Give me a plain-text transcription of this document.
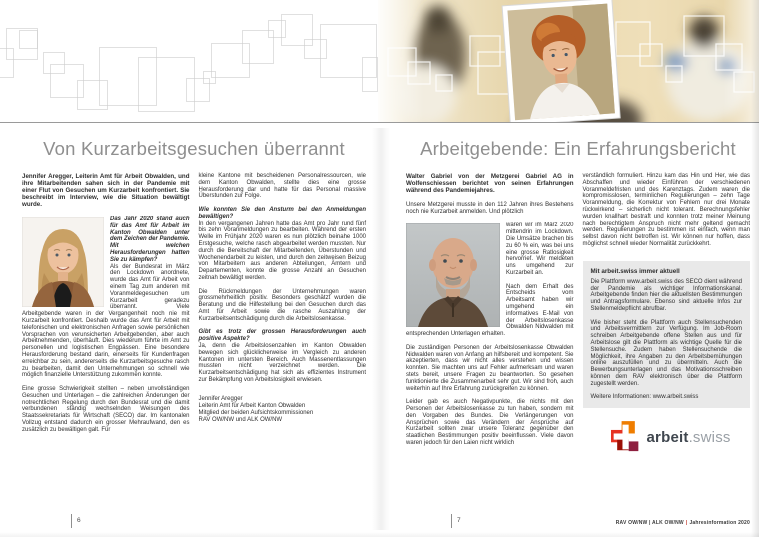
Von Kurzarbeitsgesuchen überrannt

Jennifer Aregger, Leiterin Amt für Arbeit Obwalden, und ihre Mitarbeitenden sahen sich in der Pandemie mit einer Flut von Gesuchen um Kurzarbeit konfrontiert. Sie beschreibt im Interview, wie die Situation bewältigt wurde.

Das Jahr 2020 stand auch für das Amt für Arbeit im Kanton Obwalden unter dem Zeichen der Pandemie. Mit welchen Herausforderungen hatten Sie zu kämpfen?

Als der Bundesrat im März den Lockdown anordnete, wurde das Amt für Arbeit von einem Tag zum anderen mit Voranmeldegesuchen um Kurzarbeit geradezu überrannt. Viele Arbeitgebende waren in der Vergangenheit noch nie mit Kurzarbeit konfrontiert. Deshalb wurde das Amt für Arbeit mit telefonischen und elektronischen Anfragen sowie persönlichen Vorsprachen von verunsicherten Arbeitgebenden, aber auch Arbeitnehmenden, überhäuft. Dies wiederum führte im Amt zu personellen und logistischen Engpässen. Eine besondere Herausforderung bestand darin, einerseits für Kundenfragen erreichbar zu sein, andererseits die Kurzarbeitsgesuche rasch zu bearbeiten, damit den Unternehmungen so schnell wie möglich finanzielle Unterstützung zukommen konnte.

Eine grosse Schwierigkeit stellten – neben unvollständigen Gesuchen und Unterlagen – die zahlreichen Änderungen der notrechtlichen Regelung durch den Bundesrat und die damit verbundenen ständig wechselnden Weisungen des Staatssekretariats für Wirtschaft (SECO) dar. Im kantonalen Vollzug entstand dadurch ein grosser Mehraufwand, den es zusätzlich zu bewältigen galt. Für

kleine Kantone mit bescheidenen Personalressourcen, wie dem Kanton Obwalden, stellte dies eine grosse Herausforderung dar und hatte für das Personal massive Überstunden zur Folge.

Wie konnten Sie den Ansturm bei den Anmeldungen bewältigen?

In den vergangenen Jahren hatte das Amt pro Jahr rund fünf bis zehn Voranmeldungen zu bearbeiten. Während der ersten Welle im Frühjahr 2020 waren es nun plötzlich beinahe 1000 Erstgesuche, welche rasch abgearbeitet werden mussten. Nur durch die Bereitschaft der Mitarbeitenden, Überstunden und Wochenendarbeit zu leisten, und durch den zeitweisen Beizug von Mitarbeitern aus anderen Abteilungen, Ämtern und Departementen, konnte die grosse Anzahl an Gesuchen zeitnah bewältigt werden.

Die Rückmeldungen der Unternehmungen waren grossmehrheitlich positiv. Besonders geschätzt wurden die Beratung und die Hilfestellung bei den Gesuchen durch das Amt für Arbeit sowie die rasche Auszahlung der Kurzarbeitsentschädigung durch die Arbeitslosenkasse.

Gibt es trotz der grossen Herausforderungen auch positive Aspekte?

Ja, denn die Arbeitslosenzahlen im Kanton Obwalden bewegen sich glücklicherweise im Vergleich zu anderen Kantonen im untersten Bereich. Auch Massenentlassungen mussten nicht verzeichnet werden. Die Kurzarbeitsentschädigung hat sich als effizientes Instrument zur Bekämpfung von Arbeitslosigkeit erwiesen.

Jennifer Aregger
Leiterin Amt für Arbeit Kanton Obwalden
Mitglied der beiden Aufsichtskommissionen
RAV OW/NW und ALK OW/NW
Arbeitgebende: Ein Erfahrungsbericht

Walter Gabriel von der Metzgerei Gabriel AG in Wolfenschiessen berichtet von seinen Erfahrungen während des Pandemiejahres.

Unsere Metzgerei musste in den 112 Jahren ihres Bestehens noch nie Kurzarbeit anmelden. Und plötzlich

waren wir im März 2020 mittendrin im Lockdown. Die Umsätze brachen bis zu 60 % ein, was bei uns eine grosse Ratlosigkeit hervorrief. Wir meldeten uns umgehend zur Kurzarbeit an.

Nach dem Erhalt des Entscheids vom Arbeitsamt haben wir umgehend ein informatives E-Mail von der Arbeitslosenkasse Obwalden Nidwalden mit entsprechenden Unterlagen erhalten.

Die zuständigen Personen der Arbeitslosenkasse Obwalden Nidwalden waren von Anfang an hilfsbereit und kompetent. Sie akzeptierten, dass wir nicht alles verstehen und wissen konnten. Sie machten uns auf Fehler aufmerksam und waren stets bereit, unsere Fragen zu beantworten. So gesehen funktionierte die Zusammenarbeit sehr gut. Wir sind froh, auch weiterhin auf Ihre Erfahrung zurückgreifen zu können.

Leider gab es auch Negativpunkte, die nichts mit den Personen der Arbeitslosenkasse zu tun haben, sondern mit den Vorgaben des Bundes. Die Verlängerungen von Ansprüchen sowie das Verändern der Ansprüche auf Kurzarbeit sollten zwar unsere Toleranz gegenüber den staatlichen Bestimmungen positiv beeinflussen. Viele davon waren jedoch für den Laien nicht wirklich

verständlich formuliert. Hinzu kam das Hin und Her, wie das Abschaffen und wieder Einführen der verschiedenen Voranmeldefristen und des Karenztags. Zudem waren die kompromisslosen, terminlichen Regulierungen – zehn Tage Voranmeldung, die Korrektur von Fehlern nur drei Monate rückwirkend – sicherlich nicht tolerant. Berechnungsfehler wurden knallhart bestraft und konnten trotz meiner Meinung nach berechtigtem Anspruch nicht mehr geltend gemacht werden. Regulierungen zu bestimmen ist einfach, wenn man selbst davon nicht betroffen ist. Wir können nur hoffen, dass möglichst schnell wieder Normalität zurückkehrt.

Mit arbeit.swiss immer aktuell

Die Plattform www.arbeit.swiss des SECO dient während der Pandemie als wichtiger Informationskanal. Arbeitgebende finden hier die aktuellsten Bestimmungen und Antragsformulare. Ebenso sind aktuelle Infos zur Stellenmeldepflicht abrufbar.

Wie bisher steht die Plattform auch Stellensuchenden und Arbeitsvermittlern zur Verfügung. Im Job-Room schreiben Arbeitgebende offene Stellen aus und für Arbeitslose gilt die Plattform als wichtige Quelle für die Stellensuche. Zudem haben Stellensuchende die Möglichkeit, ihre Angaben zu den Arbeitsbemühungen online auszufüllen und zu übermitteln. Auch die Bewerbungsunterlagen und das Motivationsschreiben können dem RAV elektronisch über die Plattform zugestellt werden.

Weitere Informationen: www.arbeit.swiss

arbeit.swiss
6	7	RAV OW/NW | ALK OW/NW | Jahresinformation 2020
